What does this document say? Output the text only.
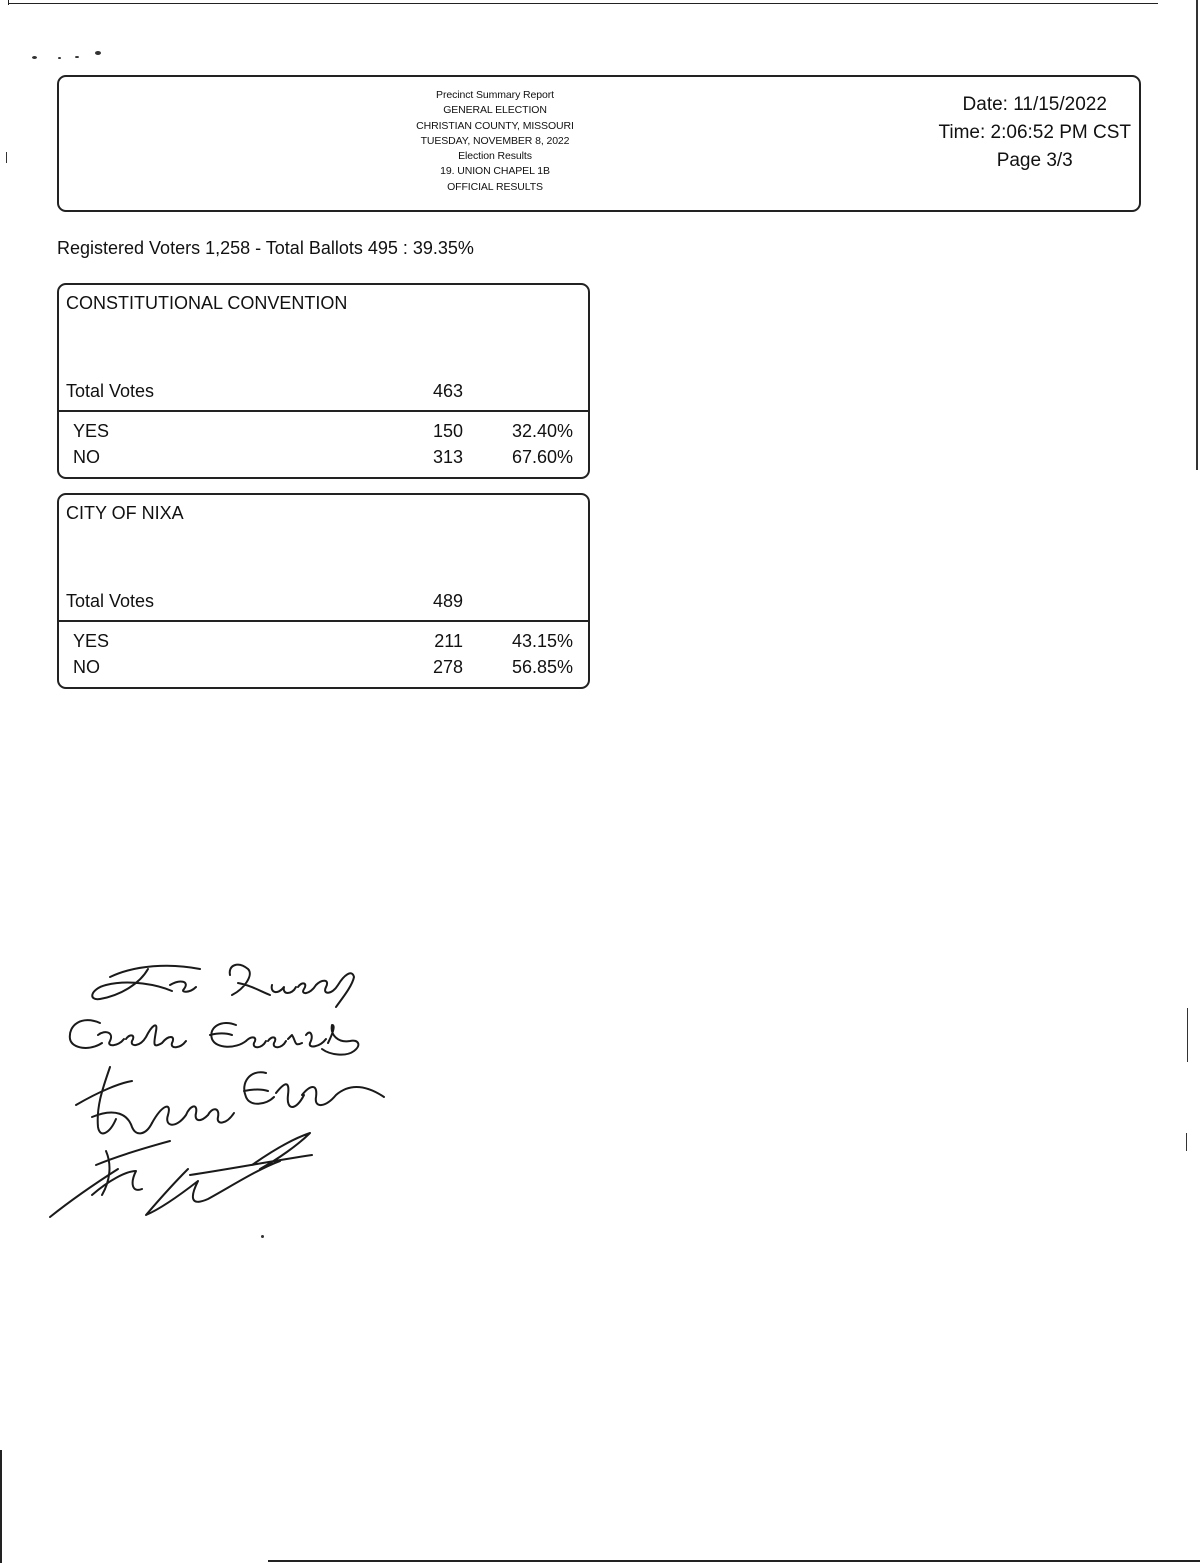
Precinct Summary Report
GENERAL ELECTION
CHRISTIAN COUNTY, MISSOURI
TUESDAY, NOVEMBER 8, 2022
Election Results
19. UNION CHAPEL 1B
OFFICIAL RESULTS
Date: 11/15/2022
Time: 2:06:52 PM CST
Page 3/3
Registered Voters 1,258 - Total Ballots 495 : 39.35%
CONSTITUTIONAL CONVENTION
Total Votes	463
YES	150	32.40%
NO	313	67.60%
CITY OF NIXA
Total Votes	489
YES	211	43.15%
NO	278	56.85%
